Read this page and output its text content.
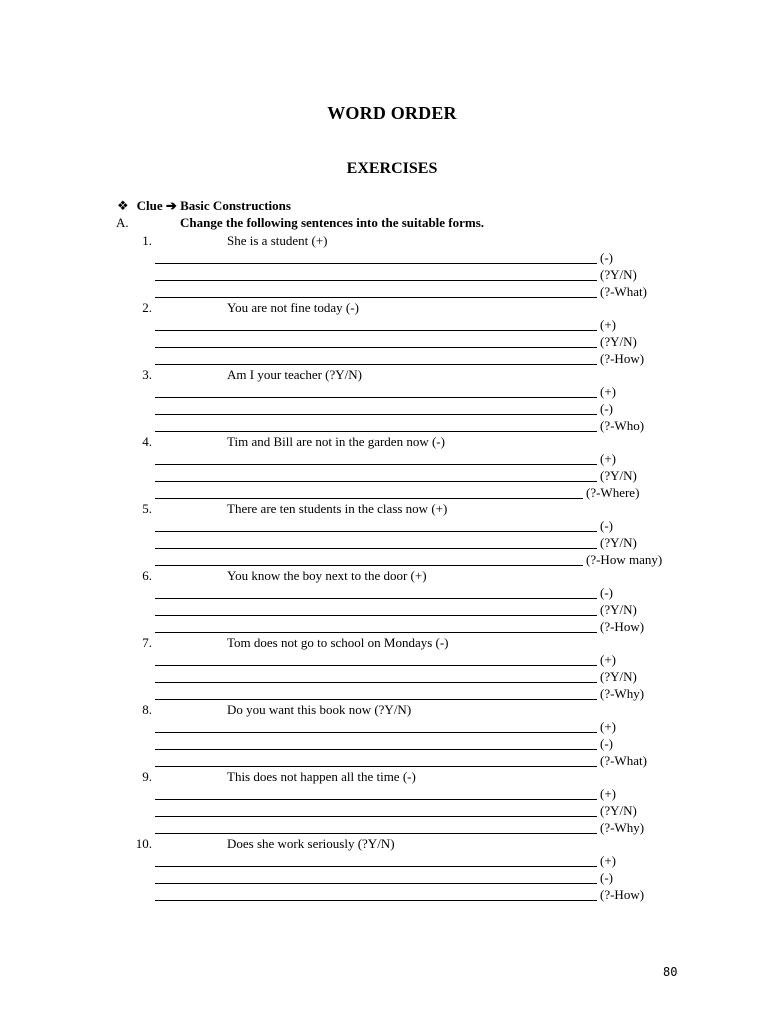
WORD ORDER
EXERCISES
❖ Clue ➔ Basic Constructions
A.	Change the following sentences into the suitable forms.
1.	She is a student (+)
(-)
(?Y/N)
(?-What)
2.	You are not fine today (-)
(+)
(?Y/N)
(?-How)
3.	Am I your teacher (?Y/N)
(+)
(-)
(?-Who)
4.	Tim and Bill are not in the garden now (-)
(+)
(?Y/N)
(?-Where)
5.	There are ten students in the class now (+)
(-)
(?Y/N)
(?-How many)
6.	You know the boy next to the door (+)
(-)
(?Y/N)
(?-How)
7.	Tom does not go to school on Mondays (-)
(+)
(?Y/N)
(?-Why)
8.	Do you want this book now (?Y/N)
(+)
(-)
(?-What)
9.	This does not happen all the time (-)
(+)
(?Y/N)
(?-Why)
10.	Does she work seriously (?Y/N)
(+)
(-)
(?-How)
80
